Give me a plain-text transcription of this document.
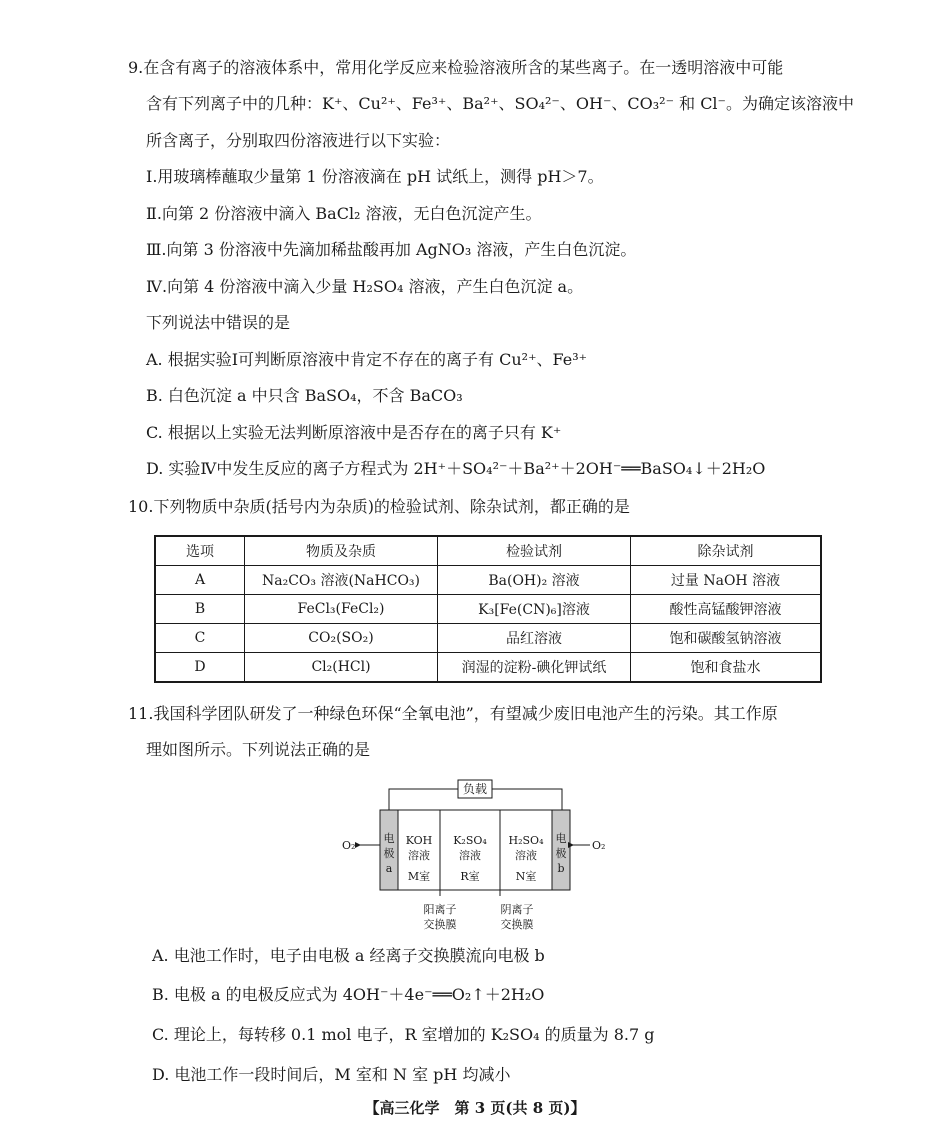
9.在含有离子的溶液体系中，常用化学反应来检验溶液所含的某些离子。在一透明溶液中可能
含有下列离子中的几种：K⁺、Cu²⁺、Fe³⁺、Ba²⁺、SO₄²⁻、OH⁻、CO₃²⁻ 和 Cl⁻。为确定该溶液中
所含离子，分别取四份溶液进行以下实验：
Ⅰ.用玻璃棒蘸取少量第 1 份溶液滴在 pH 试纸上，测得 pH＞7。
Ⅱ.向第 2 份溶液中滴入 BaCl₂ 溶液，无白色沉淀产生。
Ⅲ.向第 3 份溶液中先滴加稀盐酸再加 AgNO₃ 溶液，产生白色沉淀。
Ⅳ.向第 4 份溶液中滴入少量 H₂SO₄ 溶液，产生白色沉淀 a。
下列说法中错误的是
A. 根据实验Ⅰ可判断原溶液中肯定不存在的离子有 Cu²⁺、Fe³⁺
B. 白色沉淀 a 中只含 BaSO₄，不含 BaCO₃
C. 根据以上实验无法判断原溶液中是否存在的离子只有 K⁺
D. 实验Ⅳ中发生反应的离子方程式为 2H⁺＋SO₄²⁻＋Ba²⁺＋2OH⁻══BaSO₄↓＋2H₂O
10.下列物质中杂质(括号内为杂质)的检验试剂、除杂试剂，都正确的是
选项	物质及杂质	检验试剂	除杂试剂
A	Na₂CO₃ 溶液(NaHCO₃)	Ba(OH)₂ 溶液	过量 NaOH 溶液
B	FeCl₃(FeCl₂)	K₃[Fe(CN)₆]溶液	酸性高锰酸钾溶液
C	CO₂(SO₂)	品红溶液	饱和碳酸氢钠溶液
D	Cl₂(HCl)	润湿的淀粉-碘化钾试纸	饱和食盐水
11.我国科学团队研发了一种绿色环保“全氧电池”，有望减少废旧电池产生的污染。其工作原
理如图所示。下列说法正确的是
负载
电
极
a
电
极
b
KOH
溶液
M室
K₂SO₄
溶液
R室
H₂SO₄
溶液
N室
O₂	O₂
阳离子
交换膜
阴离子
交换膜
A. 电池工作时，电子由电极 a 经离子交换膜流向电极 b
B. 电极 a 的电极反应式为 4OH⁻＋4e⁻══O₂↑＋2H₂O
C. 理论上，每转移 0.1 mol 电子，R 室增加的 K₂SO₄ 的质量为 8.7 g
D. 电池工作一段时间后，M 室和 N 室 pH 均减小
【高三化学　第 3 页(共 8 页)】
